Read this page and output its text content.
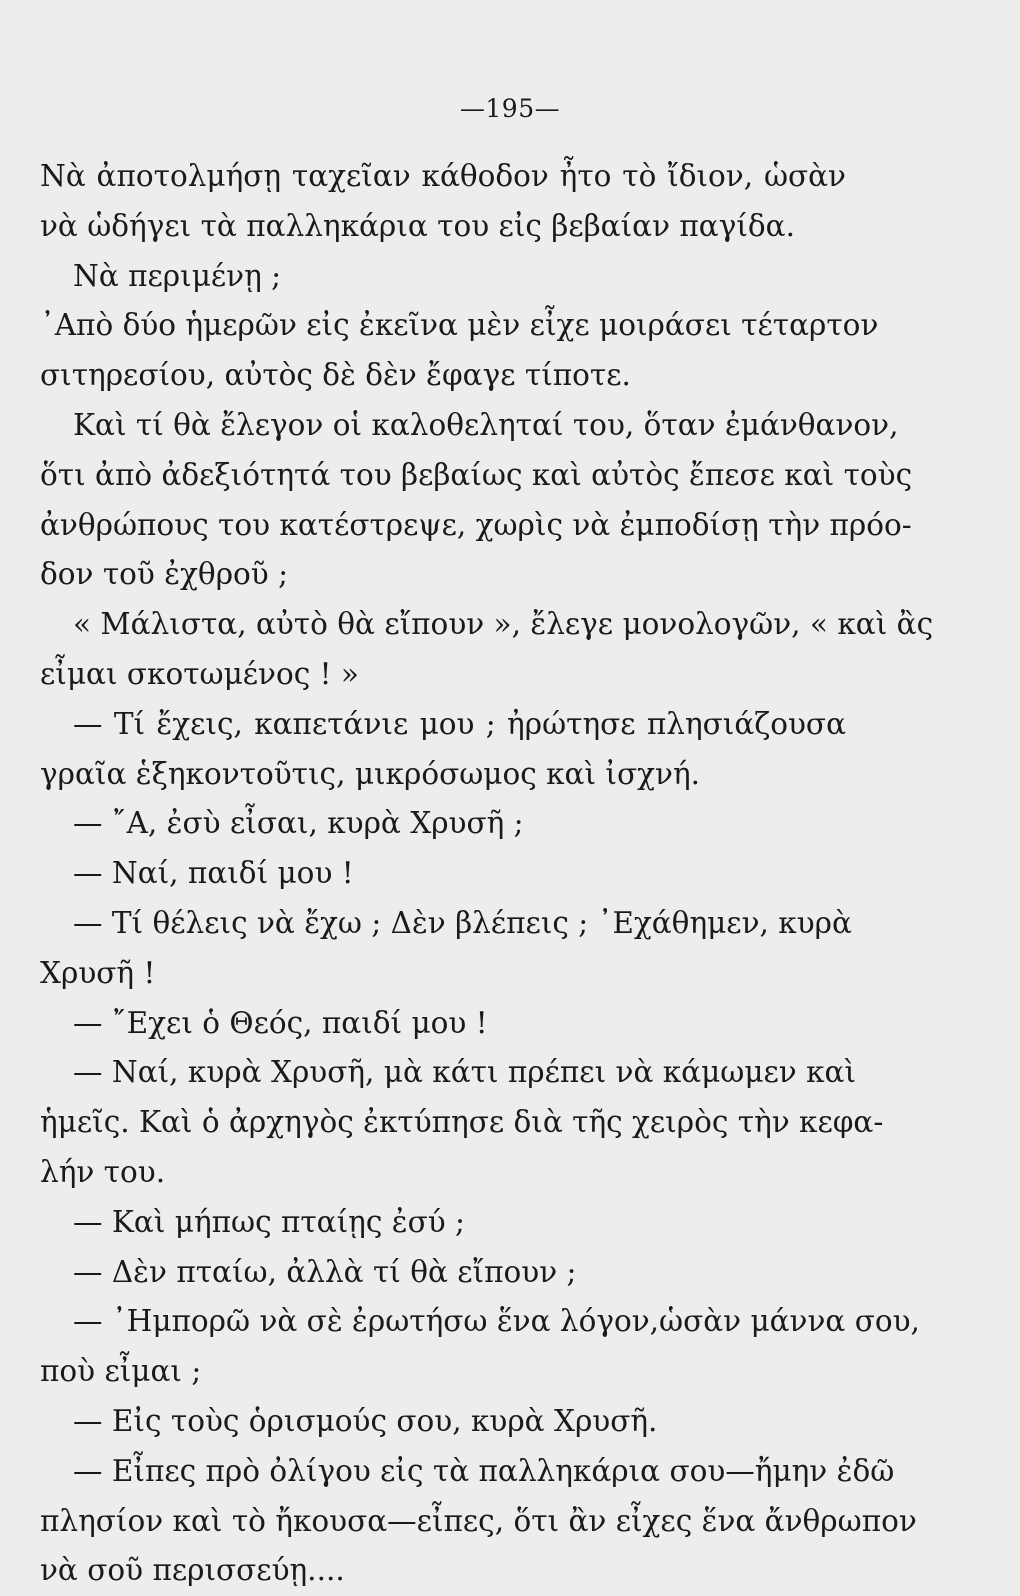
—195—
Νὰ ἀποτολμήσῃ ταχεῖαν κάθοδον ἦτο τὸ ἴδιον, ὡσὰν
νὰ ὡδήγει τὰ παλληκάρια του εἰς βεβαίαν παγίδα.
Νὰ περιμένῃ ;
᾽Απὸ δύο ἡμερῶν εἰς ἐκεῖνα μὲν εἶχε μοιράσει τέταρτον
σιτηρεσίου, αὐτὸς δὲ δὲν ἔφαγε τίποτε.
Καὶ τί θὰ ἔλεγον οἱ καλοθεληταί του, ὅταν ἐμάνθανον,
ὅτι ἀπὸ ἀδεξιότητά του βεβαίως καὶ αὐτὸς ἔπεσε καὶ τοὺς
ἀνθρώπους του κατέστρεψε, χωρὶς νὰ ἐμποδίσῃ τὴν πρόο-
δον τοῦ ἐχθροῦ ;
« Μάλιστα, αὐτὸ θὰ εἴπουν », ἔλεγε μονολογῶν, « καὶ ἂς
εἶμαι σκοτωμένος ! »
— Τί ἔχεις, καπετάνιε μου ; ἠρώτησε πλησιάζουσα
γραῖα ἑξηκοντοῦτις, μικρόσωμος καὶ ἰσχνή.
— ῎Α, ἐσὺ εἶσαι, κυρὰ Χρυσῆ ;
— Ναί, παιδί μου !
— Τί θέλεις νὰ ἔχω ; Δὲν βλέπεις ; ᾽Εχάθημεν, κυρὰ
Χρυσῆ !
— ῎Εχει ὁ Θεός, παιδί μου !
— Ναί, κυρὰ Χρυσῆ, μὰ κάτι πρέπει νὰ κάμωμεν καὶ
ἡμεῖς. Καὶ ὁ ἀρχηγὸς ἐκτύπησε διὰ τῆς χειρὸς τὴν κεφα-
λήν του.
— Καὶ μήπως πταίῃς ἐσύ ;
— Δὲν πταίω, ἀλλὰ τί θὰ εἴπουν ;
— ᾽Ημπορῶ νὰ σὲ ἐρωτήσω ἕνα λόγον,ὡσὰν μάννα σου,
ποὺ εἶμαι ;
— Εἰς τοὺς ὁρισμούς σου, κυρὰ Χρυσῆ.
— Εἶπες πρὸ ὀλίγου εἰς τὰ παλληκάρια σου—ἤμην ἐδῶ
πλησίον καὶ τὸ ἤκουσα—εἶπες, ὅτι ἂν εἶχες ἕνα ἄνθρωπον
νὰ σοῦ περισσεύῃ....
